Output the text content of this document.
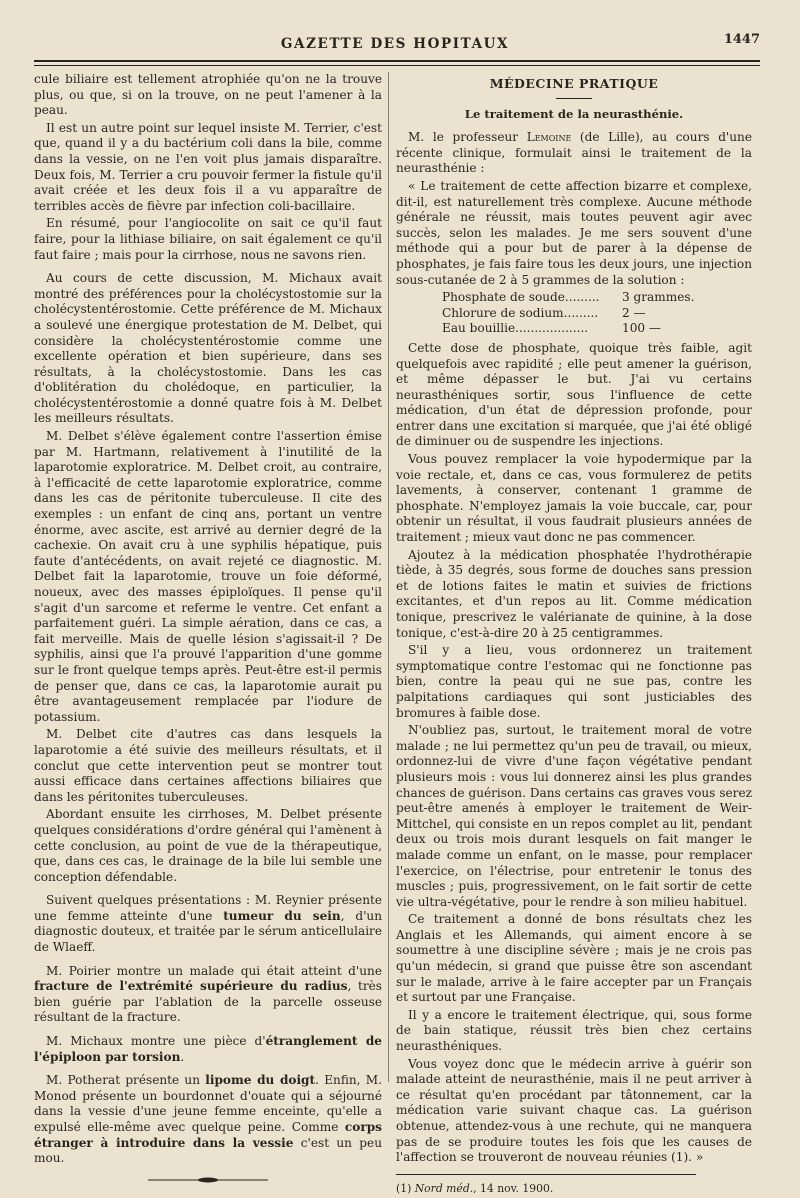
GAZETTE DES HOPITAUX	1447

cule biliaire est tellement atrophiée qu'on ne la trouve plus, ou que, si on la trouve, on ne peut l'amener à la peau.

Il est un autre point sur lequel insiste M. Terrier, c'est que, quand il y a du bactérium coli dans la bile, comme dans la vessie, on ne l'en voit plus jamais disparaître. Deux fois, M. Terrier a cru pouvoir fermer la fistule qu'il avait créée et les deux fois il a vu apparaître de terribles accès de fièvre par infection coli-bacillaire.

En résumé, pour l'angiocolite on sait ce qu'il faut faire, pour la lithiase biliaire, on sait également ce qu'il faut faire ; mais pour la cirrhose, nous ne savons rien.

Au cours de cette discussion, M. Michaux avait montré des préférences pour la cholécystostomie sur la cholécystentérostomie. Cette préférence de M. Michaux a soulevé une énergique protestation de M. Delbet, qui considère la cholécystentérostomie comme une excellente opération et bien supérieure, dans ses résultats, à la cholécystostomie. Dans les cas d'oblitération du cholédoque, en particulier, la cholécystentérostomie a donné quatre fois à M. Delbet les meilleurs résultats.

M. Delbet s'élève également contre l'assertion émise par M. Hartmann, relativement à l'inutilité de la laparotomie exploratrice. M. Delbet croit, au contraire, à l'efficacité de cette laparotomie exploratrice, comme dans les cas de péritonite tuberculeuse. Il cite des exemples : un enfant de cinq ans, portant un ventre énorme, avec ascite, est arrivé au dernier degré de la cachexie. On avait cru à une syphilis hépatique, puis faute d'antécédents, on avait rejeté ce diagnostic. M. Delbet fait la laparotomie, trouve un foie déformé, noueux, avec des masses épiploïques. Il pense qu'il s'agit d'un sarcome et referme le ventre. Cet enfant a parfaitement guéri. La simple aération, dans ce cas, a fait merveille. Mais de quelle lésion s'agissait-il ? De syphilis, ainsi que l'a prouvé l'apparition d'une gomme sur le front quelque temps après. Peut-être est-il permis de penser que, dans ce cas, la laparotomie aurait pu être avantageusement remplacée par l'iodure de potassium.

M. Delbet cite d'autres cas dans lesquels la laparotomie a été suivie des meilleurs résultats, et il conclut que cette intervention peut se montrer tout aussi efficace dans certaines affections biliaires que dans les péritonites tuberculeuses.

Abordant ensuite les cirrhoses, M. Delbet présente quelques considérations d'ordre général qui l'amènent à cette conclusion, au point de vue de la thérapeutique, que, dans ces cas, le drainage de la bile lui semble une conception défendable.

Suivent quelques présentations : M. Reynier présente une femme atteinte d'une tumeur du sein, d'un diagnostic douteux, et traitée par le sérum anticellulaire de Wlaeff.

M. Poirier montre un malade qui était atteint d'une fracture de l'extrémité supérieure du radius, très bien guérie par l'ablation de la parcelle osseuse résultant de la fracture.

M. Michaux montre une pièce d'étranglement de l'épiploon par torsion.

M. Potherat présente un lipome du doigt. Enfin, M. Monod présente un bourdonnet d'ouate qui a séjourné dans la vessie d'une jeune femme enceinte, qu'elle a expulsé elle-même avec quelque peine. Comme corps étranger à introduire dans la vessie c'est un peu mou.

MÉDECINE PRATIQUE
Le traitement de la neurasthénie.

M. le professeur Lemoine (de Lille), au cours d'une récente clinique, formulait ainsi le traitement de la neurasthénie :

« Le traitement de cette affection bizarre et complexe, dit-il, est naturellement très complexe. Aucune méthode générale ne réussit, mais toutes peuvent agir avec succès, selon les malades. Je me sers souvent d'une méthode qui a pour but de parer à la dépense de phosphates, je fais faire tous les deux jours, une injection sous-cutanée de 2 à 5 grammes de la solution :

Phosphate de soude......... 3 grammes.
Chlorure de sodium......... 2 —
Eau bouillie...................	100 —

Cette dose de phosphate, quoique très faible, agit quelquefois avec rapidité ; elle peut amener la guérison, et même dépasser le but. J'ai vu certains neurasthéniques sortir, sous l'influence de cette médication, d'un état de dépression profonde, pour entrer dans une excitation si marquée, que j'ai été obligé de diminuer ou de suspendre les injections.

Vous pouvez remplacer la voie hypodermique par la voie rectale, et, dans ce cas, vous formulerez de petits lavements, à conserver, contenant 1 gramme de phosphate. N'employez jamais la voie buccale, car, pour obtenir un résultat, il vous faudrait plusieurs années de traitement ; mieux vaut donc ne pas commencer.

Ajoutez à la médication phosphatée l'hydrothérapie tiède, à 35 degrés, sous forme de douches sans pression et de lotions faites le matin et suivies de frictions excitantes, et d'un repos au lit. Comme médication tonique, prescrivez le valérianate de quinine, à la dose tonique, c'est-à-dire 20 à 25 centigrammes.

S'il y a lieu, vous ordonnerez un traitement symptomatique contre l'estomac qui ne fonctionne pas bien, contre la peau qui ne sue pas, contre les palpitations cardiaques qui sont justiciables des bromures à faible dose.

N'oubliez pas, surtout, le traitement moral de votre malade ; ne lui permettez qu'un peu de travail, ou mieux, ordonnez-lui de vivre d'une façon végétative pendant plusieurs mois : vous lui donnerez ainsi les plus grandes chances de guérison. Dans certains cas graves vous serez peut-être amenés à employer le traitement de Weir-Mittchel, qui consiste en un repos complet au lit, pendant deux ou trois mois durant lesquels on fait manger le malade comme un enfant, on le masse, pour remplacer l'exercice, on l'électrise, pour entretenir le tonus des muscles ; puis, progressivement, on le fait sortir de cette vie ultra-végétative, pour le rendre à son milieu habituel.

Ce traitement a donné de bons résultats chez les Anglais et les Allemands, qui aiment encore à se soumettre à une discipline sévère ; mais je ne crois pas qu'un médecin, si grand que puisse être son ascendant sur le malade, arrive à le faire accepter par un Français et surtout par une Française.

Il y a encore le traitement électrique, qui, sous forme de bain statique, réussit très bien chez certains neurasthéniques.

Vous voyez donc que le médecin arrive à guérir son malade atteint de neurasthénie, mais il ne peut arriver à ce résultat qu'en procédant par tâtonnement, car la médication varie suivant chaque cas. La guérison obtenue, attendez-vous à une rechute, qui ne manquera pas de se produire toutes les fois que les causes de l'affection se trouveront de nouveau réunies (1). »

(1) Nord méd., 14 nov. 1900.
